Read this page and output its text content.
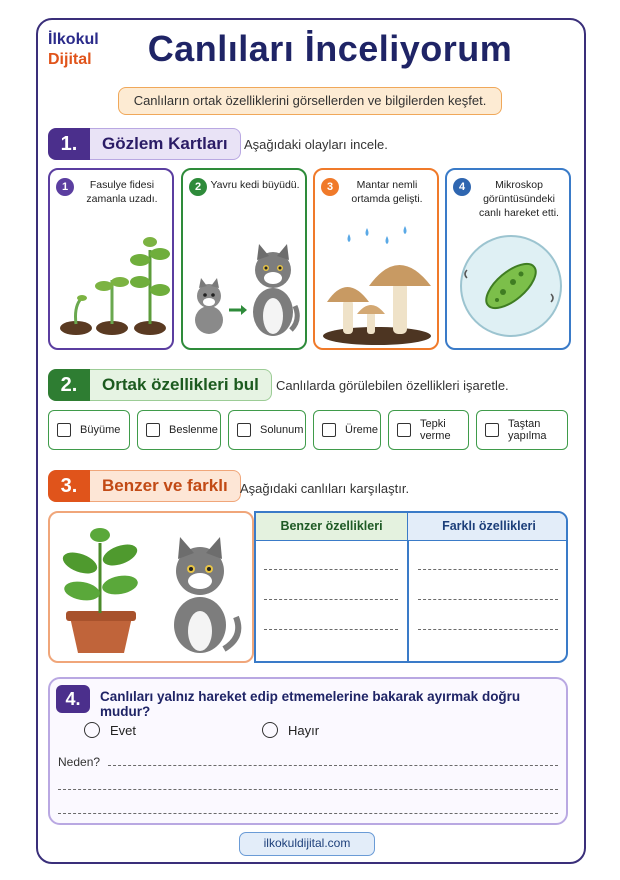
İlkokul
Dijital Canlıları İnceliyorum
Canlıların ortak özelliklerini görsellerden ve bilgilerden keşfet.
1.	Gözlem Kartları	Aşağıdaki olayları incele.
1	Fasulye fidesi zamanla uzadı.
2 Yavru kedi büyüdü.	3	Mantar nemli ortamda gelişti.
4	Mikroskop görüntüsündeki canlı hareket etti.
2.	Ortak özellikleri bul	Canlılarda görülebilen özellikleri işaretle.
Büyüme	Beslenme	Solunum	Üreme	Tepki verme
Taştan yapılma
3.	Benzer ve farklı Aşağıdaki canlıları karşılaştır.
Benzer özellikleri	Farklı özellikleri
4.	Canlıları yalnız hareket edip etmemelerine bakarak ayırmak doğru mudur?
Evet	Hayır
Neden?
ilkokuldijital.com
